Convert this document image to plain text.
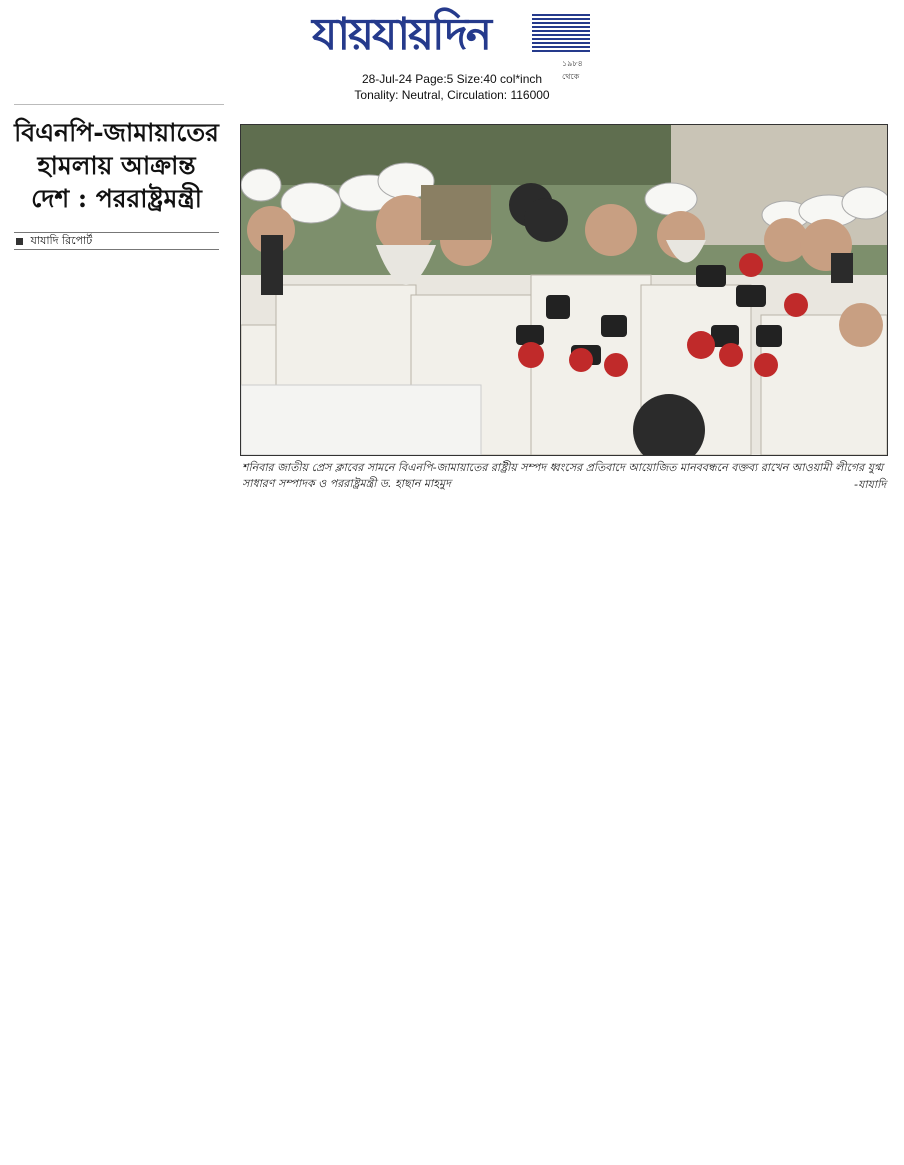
যায়যায়দিন
১৯৮৪ থেকে
28-Jul-24 Page:5 Size:40 col*inch
Tonality: Neutral, Circulation: 116000
বিএনপি-জামায়াতের
হামলায় আক্রান্ত
দেশ : পররাষ্ট্রমন্ত্রী
যাযাদি রিপোর্ট
শনিবার জাতীয় প্রেস ক্লাবের সামনে বিএনপি-জামায়াতের রাষ্ট্রীয় সম্পদ ধ্বংসের প্রতিবাদে আয়োজিত মানববন্ধনে বক্তব্য রাখেন আওয়ামী লীগের যুগ্ম সাধারণ সম্পাদক ও পররাষ্ট্রমন্ত্রী ড. হাছান মাহমুদ	-যাযাদি
